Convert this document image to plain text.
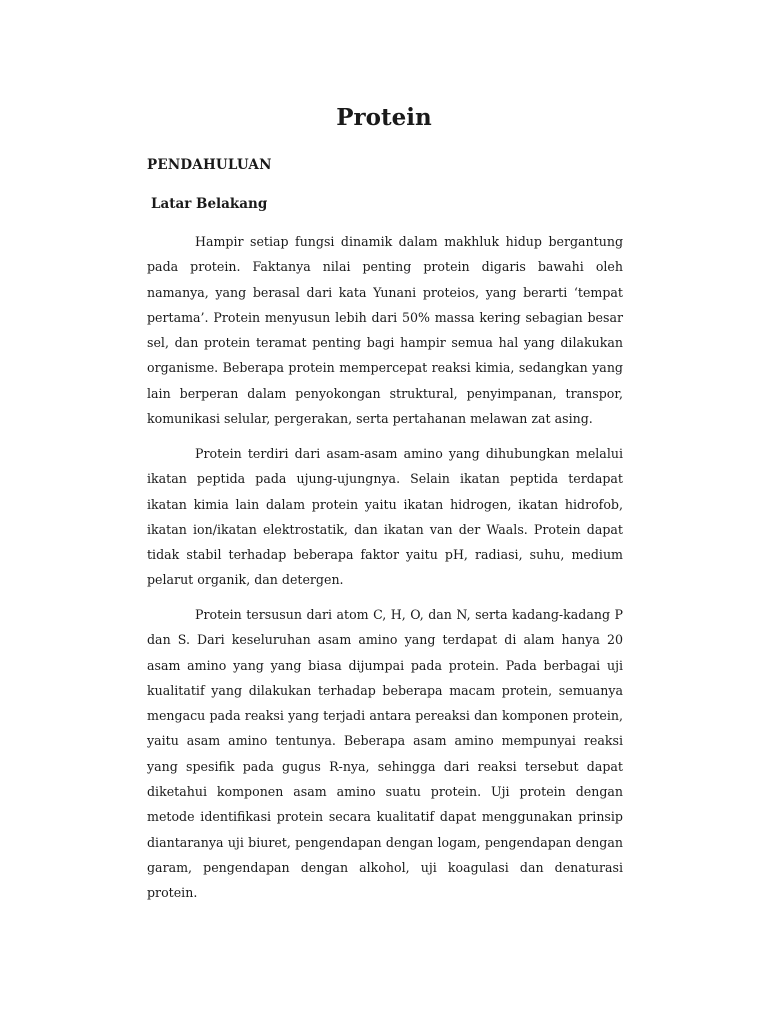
Protein
PENDAHULUAN
Latar Belakang

Hampir setiap fungsi dinamik dalam makhluk hidup bergantung pada protein. Faktanya nilai penting protein digaris bawahi oleh namanya, yang berasal dari kata Yunani proteios, yang berarti ‘tempat pertama’. Protein menyusun lebih dari 50% massa kering sebagian besar sel, dan protein teramat penting bagi hampir semua hal yang dilakukan organisme. Beberapa protein mempercepat reaksi kimia, sedangkan yang lain berperan dalam penyokongan struktural, penyimpanan, transpor, komunikasi selular, pergerakan, serta pertahanan melawan zat asing.

Protein terdiri dari asam-asam amino yang dihubungkan melalui ikatan peptida pada ujung-ujungnya. Selain ikatan peptida terdapat ikatan kimia lain dalam protein yaitu ikatan hidrogen, ikatan hidrofob, ikatan ion/ikatan elektrostatik, dan ikatan van der Waals. Protein dapat tidak stabil terhadap beberapa faktor yaitu pH, radiasi, suhu, medium pelarut organik, dan detergen.

Protein tersusun dari atom C, H, O, dan N, serta kadang-kadang P dan S. Dari keseluruhan asam amino yang terdapat di alam hanya 20 asam amino yang yang biasa dijumpai pada protein. Pada berbagai uji kualitatif yang dilakukan terhadap beberapa macam protein, semuanya mengacu pada reaksi yang terjadi antara pereaksi dan komponen protein, yaitu asam amino tentunya. Beberapa asam amino mempunyai reaksi yang spesifik pada gugus R-nya, sehingga dari reaksi tersebut dapat diketahui komponen asam amino suatu protein. Uji protein dengan metode identifikasi protein secara kualitatif dapat menggunakan prinsip diantaranya uji biuret, pengendapan dengan logam, pengendapan dengan garam, pengendapan dengan alkohol, uji koagulasi dan denaturasi protein.
